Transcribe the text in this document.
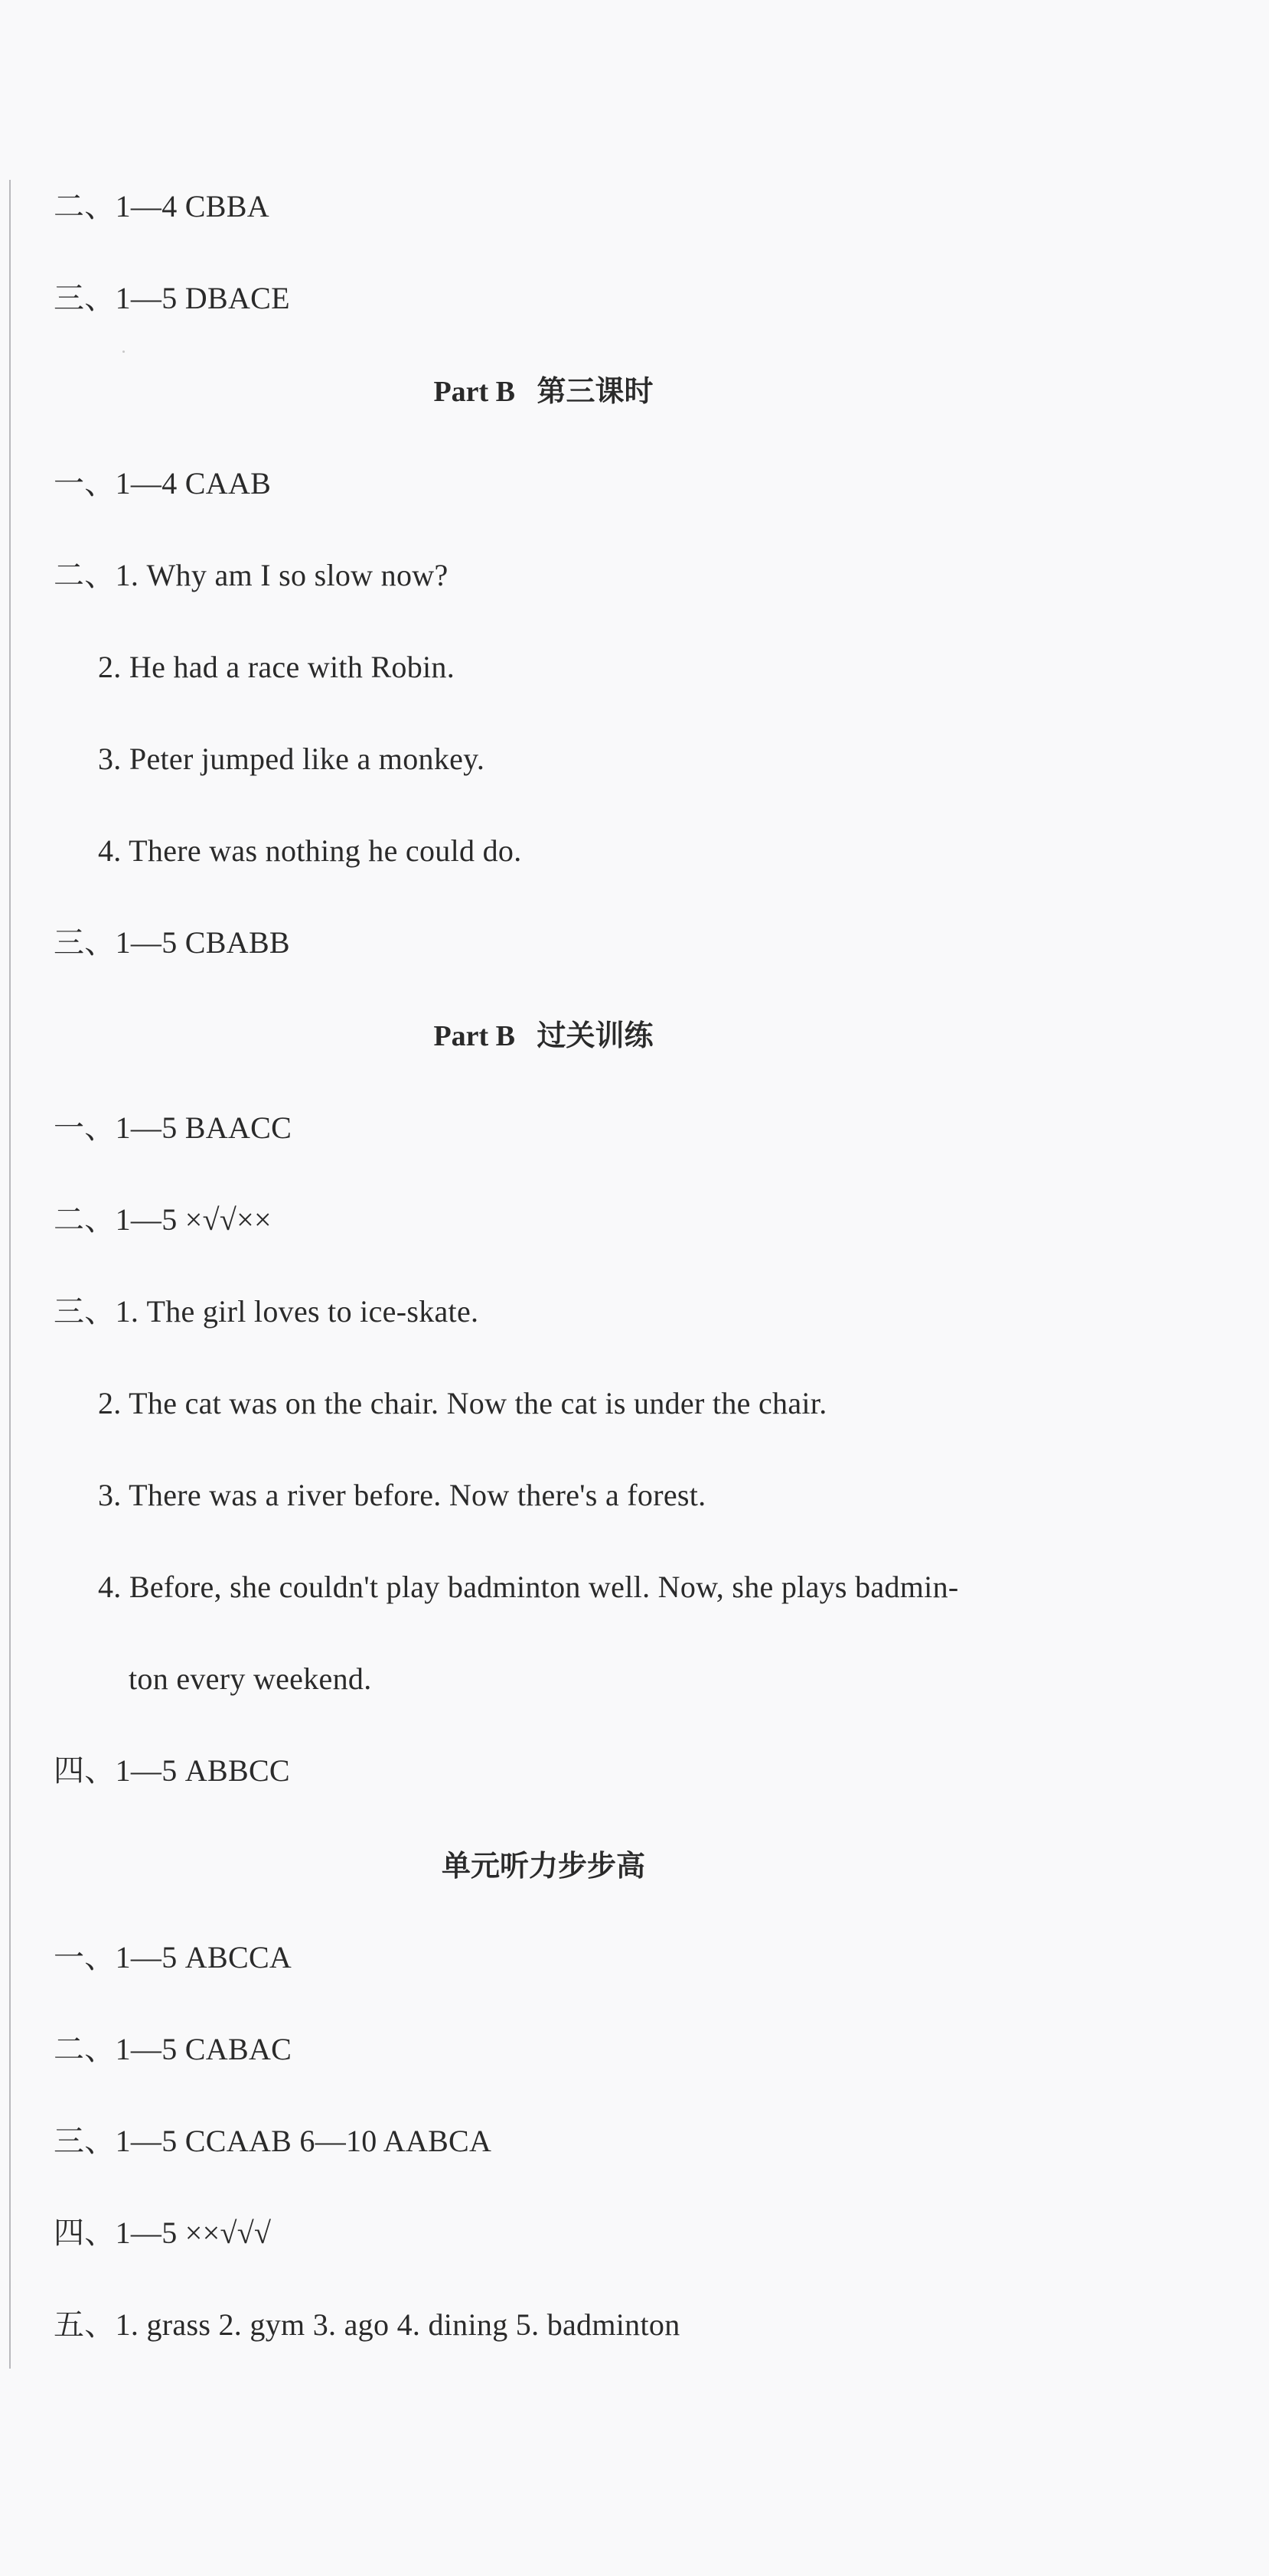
二、1—4 CBBA
三、1—5 DBACE
Part B   第三课时
一、1—4 CAAB
二、1. Why am I so slow now?
2. He had a race with Robin.
3. Peter jumped like a monkey.
4. There was nothing he could do.
三、1—5 CBABB
Part B   过关训练
一、1—5 BAACC
二、1—5 ×√√××
三、1. The girl loves to ice-skate.
2. The cat was on the chair. Now the cat is under the chair.
3. There was a river before. Now there's a forest.
4. Before, she couldn't play badminton well. Now, she plays badmin-
ton every weekend.
四、1—5 ABBCC
单元听力步步高
一、1—5 ABCCA
二、1—5 CABAC
三、1—5 CCAAB 6—10 AABCA
四、1—5 ××√√√
五、1. grass 2. gym 3. ago 4. dining 5. badminton
